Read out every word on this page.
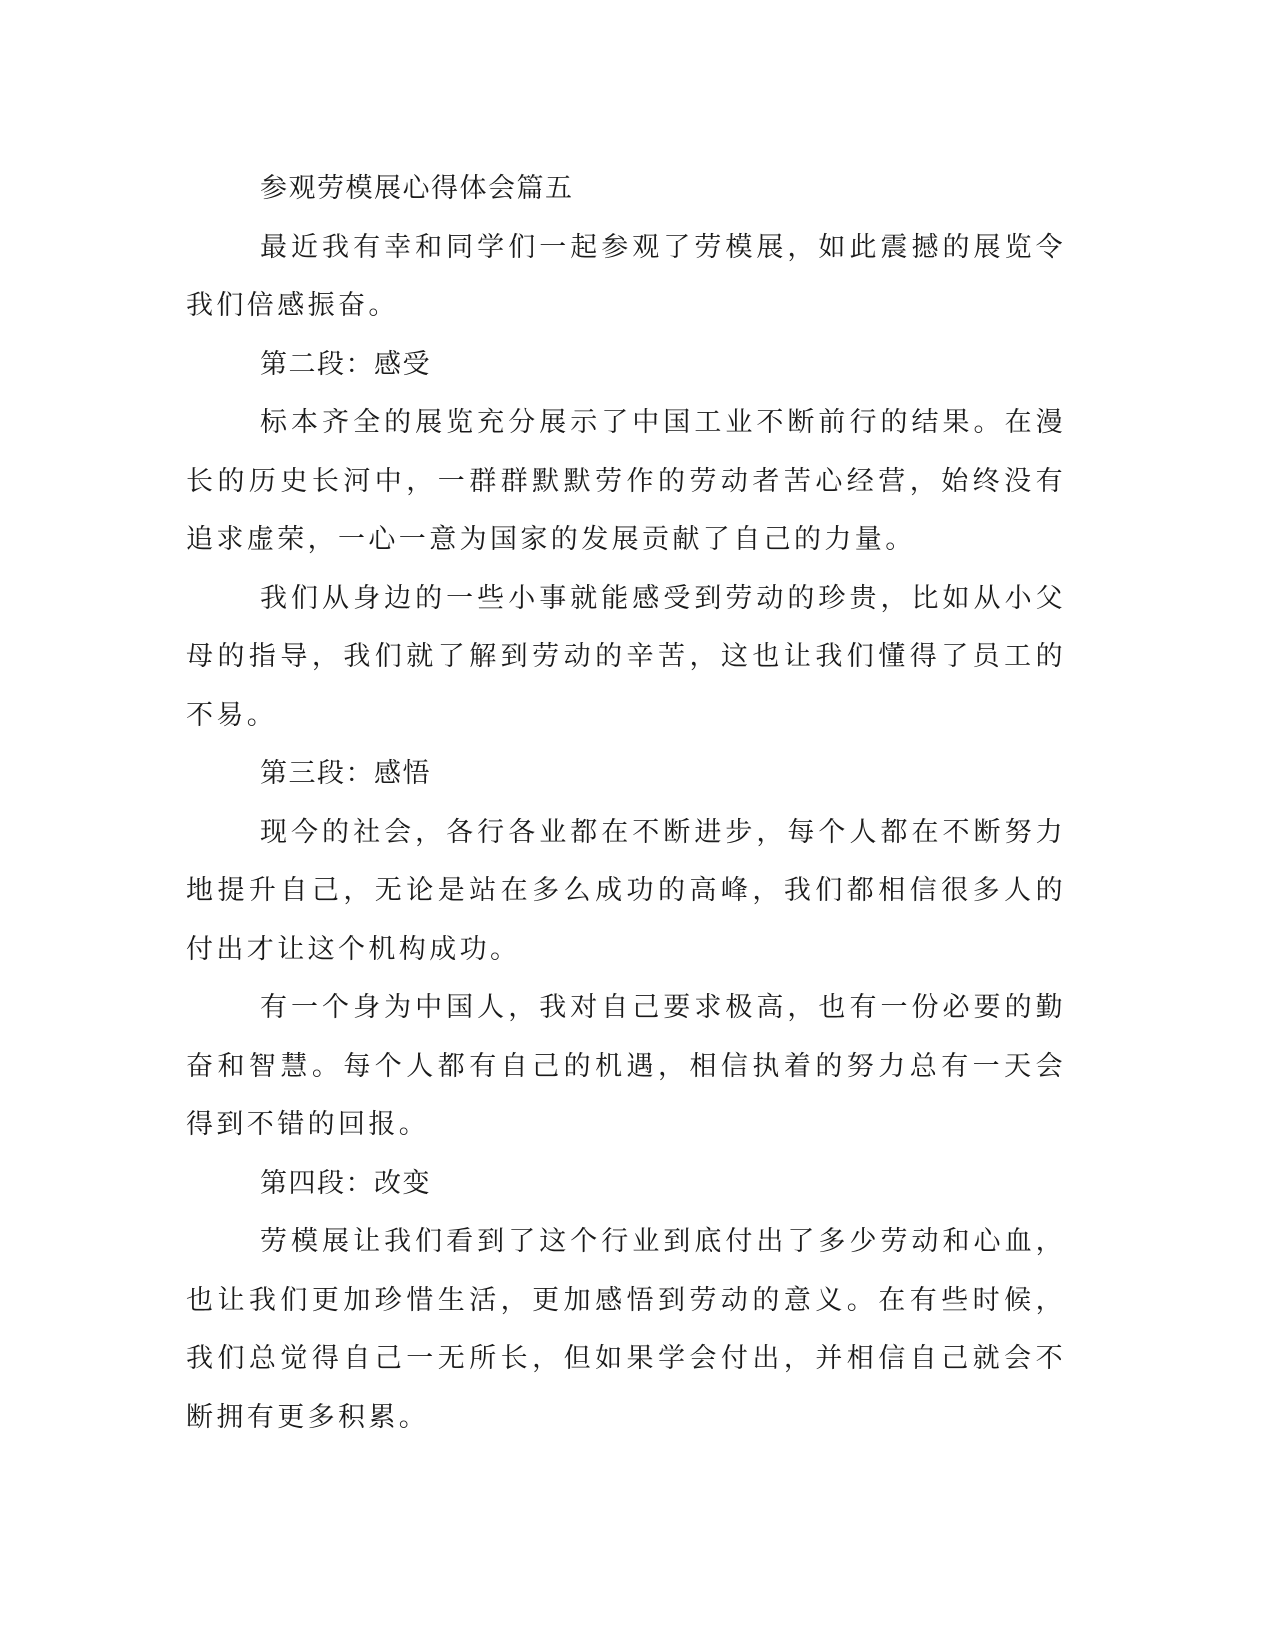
参观劳模展心得体会篇五

最近我有幸和同学们一起参观了劳模展，如此震撼的展览令我们倍感振奋。

第二段：感受

标本齐全的展览充分展示了中国工业不断前行的结果。在漫长的历史长河中，一群群默默劳作的劳动者苦心经营，始终没有追求虚荣，一心一意为国家的发展贡献了自己的力量。

我们从身边的一些小事就能感受到劳动的珍贵，比如从小父母的指导，我们就了解到劳动的辛苦，这也让我们懂得了员工的不易。

第三段：感悟

现今的社会，各行各业都在不断进步，每个人都在不断努力地提升自己，无论是站在多么成功的高峰，我们都相信很多人的付出才让这个机构成功。

有一个身为中国人，我对自己要求极高，也有一份必要的勤奋和智慧。每个人都有自己的机遇，相信执着的努力总有一天会得到不错的回报。

第四段：改变

劳模展让我们看到了这个行业到底付出了多少劳动和心血，也让我们更加珍惜生活，更加感悟到劳动的意义。在有些时候，我们总觉得自己一无所长，但如果学会付出，并相信自己就会不断拥有更多积累。
